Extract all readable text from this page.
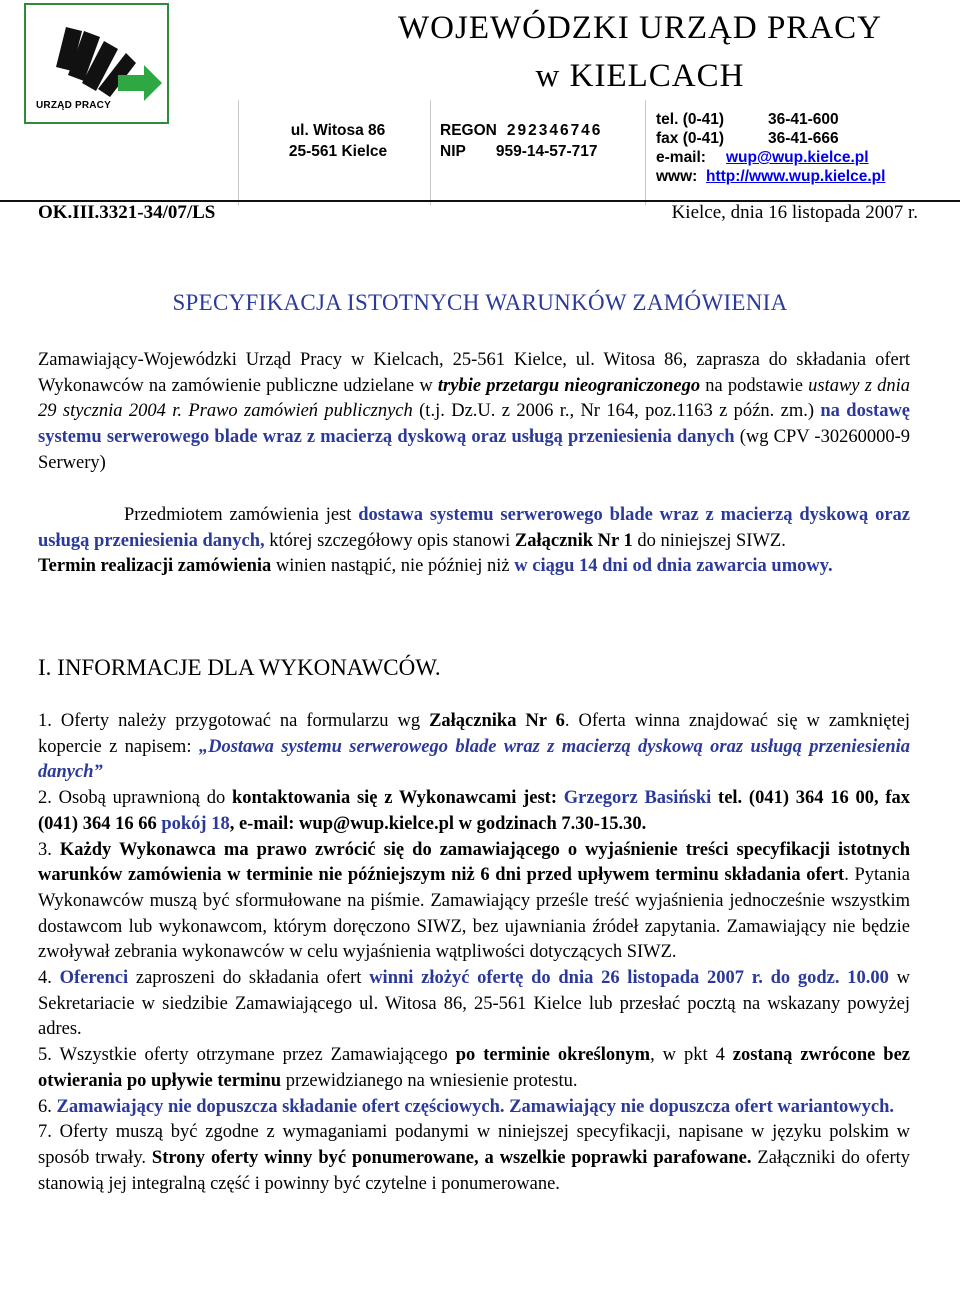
URZĄD PRACY
WOJEWÓDZKI URZĄD PRACY
w KIELCACH
ul. Witosa 86
25-561 Kielce
REGON 292346746
NIP 959-14-57-717
tel. (0-41)	36-41-600
fax (0-41)	36-41-666
e-mail:	wup@wup.kielce.pl
www: http://www.wup.kielce.pl
OK.III.3321-34/07/LS	Kielce, dnia 16 listopada 2007 r.
SPECYFIKACJA ISTOTNYCH WARUNKÓW ZAMÓWIENIA

Zamawiający-Wojewódzki Urząd Pracy w Kielcach, 25-561 Kielce, ul. Witosa 86, zaprasza do składania ofert Wykonawców na zamówienie publiczne udzielane w trybie przetargu nieograniczonego na podstawie ustawy z dnia 29 stycznia 2004 r. Prawo zamówień publicznych (t.j. Dz.U. z 2006 r., Nr 164, poz.1163 z późn. zm.) na dostawę systemu serwerowego blade wraz z macierzą dyskową oraz usługą przeniesienia danych (wg CPV -30260000-9 Serwery)

Przedmiotem zamówienia jest dostawa systemu serwerowego blade wraz z macierzą dyskową oraz usługą przeniesienia danych, której szczegółowy opis stanowi Załącznik Nr 1 do niniejszej SIWZ.

Termin realizacji zamówienia winien nastąpić, nie później niż w ciągu 14 dni od dnia zawarcia umowy.

I. INFORMACJE DLA WYKONAWCÓW.

1. Oferty należy przygotować na formularzu wg Załącznika Nr 6. Oferta winna znajdować się w zamkniętej kopercie z napisem: „Dostawa systemu serwerowego blade wraz z macierzą dyskową oraz usługą przeniesienia danych”

2. Osobą uprawnioną do kontaktowania się z Wykonawcami jest: Grzegorz Basiński tel. (041) 364 16 00, fax (041) 364 16 66 pokój 18, e-mail: wup@wup.kielce.pl w godzinach 7.30-15.30.

3. Każdy Wykonawca ma prawo zwrócić się do zamawiającego o wyjaśnienie treści specyfikacji istotnych warunków zamówienia w terminie nie późniejszym niż 6 dni przed upływem terminu składania ofert. Pytania Wykonawców muszą być sformułowane na piśmie. Zamawiający prześle treść wyjaśnienia jednocześnie wszystkim dostawcom lub wykonawcom, którym doręczono SIWZ, bez ujawniania źródeł zapytania. Zamawiający nie będzie zwoływał zebrania wykonawców w celu wyjaśnienia wątpliwości dotyczących SIWZ.

4. Oferenci zaproszeni do składania ofert winni złożyć ofertę do dnia 26 listopada 2007 r. do godz. 10.00 w Sekretariacie w siedzibie Zamawiającego ul. Witosa 86, 25-561 Kielce lub przesłać pocztą na wskazany powyżej adres.

5. Wszystkie oferty otrzymane przez Zamawiającego po terminie określonym, w pkt 4 zostaną zwrócone bez otwierania po upływie terminu przewidzianego na wniesienie protestu.

6. Zamawiający nie dopuszcza składanie ofert częściowych. Zamawiający nie dopuszcza ofert wariantowych.

7. Oferty muszą być zgodne z wymaganiami podanymi w niniejszej specyfikacji, napisane w języku polskim w sposób trwały. Strony oferty winny być ponumerowane, a wszelkie poprawki parafowane. Załączniki do oferty stanowią jej integralną część i powinny być czytelne i ponumerowane.
